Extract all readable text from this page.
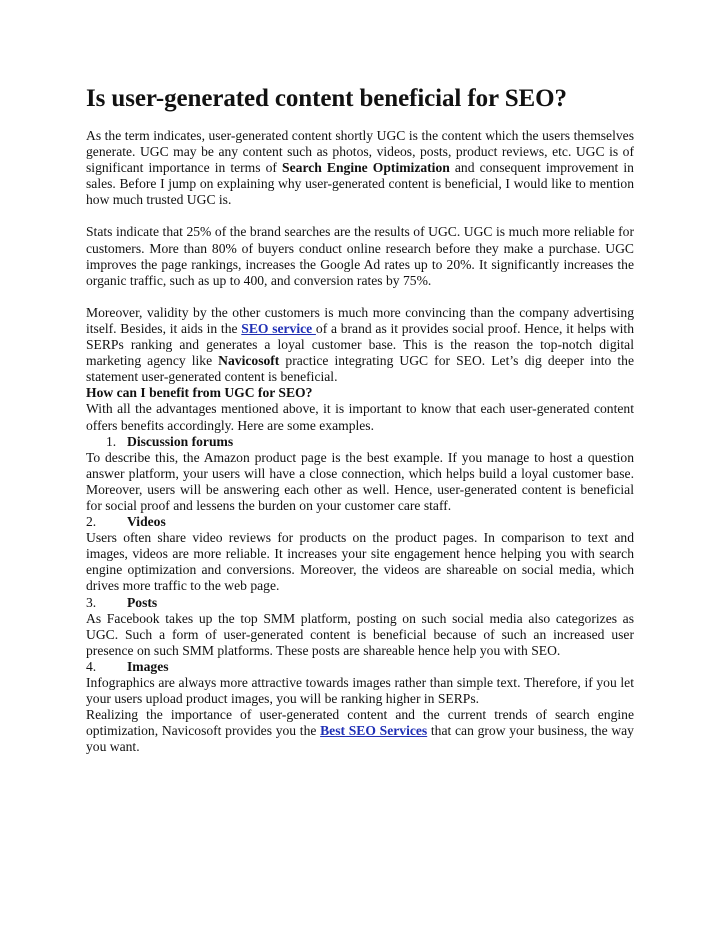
Is user-generated content beneficial for SEO?

As the term indicates, user-generated content shortly UGC is the content which the users themselves generate. UGC may be any content such as photos, videos, posts, product reviews, etc. UGC is of significant importance in terms of Search Engine Optimization and consequent improvement in sales. Before I jump on explaining why user-generated content is beneficial, I would like to mention how much trusted UGC is.

Stats indicate that 25% of the brand searches are the results of UGC. UGC is much more reliable for customers. More than 80% of buyers conduct online research before they make a purchase. UGC improves the page rankings, increases the Google Ad rates up to 20%. It significantly increases the organic traffic, such as up to 400, and conversion rates by 75%.

Moreover, validity by the other customers is much more convincing than the company advertising itself. Besides, it aids in the SEO service of a brand as it provides social proof. Hence, it helps with SERPs ranking and generates a loyal customer base. This is the reason the top-notch digital marketing agency like Navicosoft practice integrating UGC for SEO. Let’s dig deeper into the statement user-generated content is beneficial.

How can I benefit from UGC for SEO?

With all the advantages mentioned above, it is important to know that each user-generated content offers benefits accordingly. Here are some examples.

1. Discussion forums

To describe this, the Amazon product page is the best example. If you manage to host a question answer platform, your users will have a close connection, which helps build a loyal customer base. Moreover, users will be answering each other as well. Hence, user-generated content is beneficial for social proof and lessens the burden on your customer care staff.

2.	Videos

Users often share video reviews for products on the product pages. In comparison to text and images, videos are more reliable. It increases your site engagement hence helping you with search engine optimization and conversions. Moreover, the videos are shareable on social media, which drives more traffic to the web page.

3.	Posts

As Facebook takes up the top SMM platform, posting on such social media also categorizes as UGC. Such a form of user-generated content is beneficial because of such an increased user presence on such SMM platforms. These posts are shareable hence help you with SEO.

4.	Images

Infographics are always more attractive towards images rather than simple text. Therefore, if you let your users upload product images, you will be ranking higher in SERPs.

Realizing the importance of user-generated content and the current trends of search engine optimization, Navicosoft provides you the Best SEO Services that can grow your business, the way you want.
